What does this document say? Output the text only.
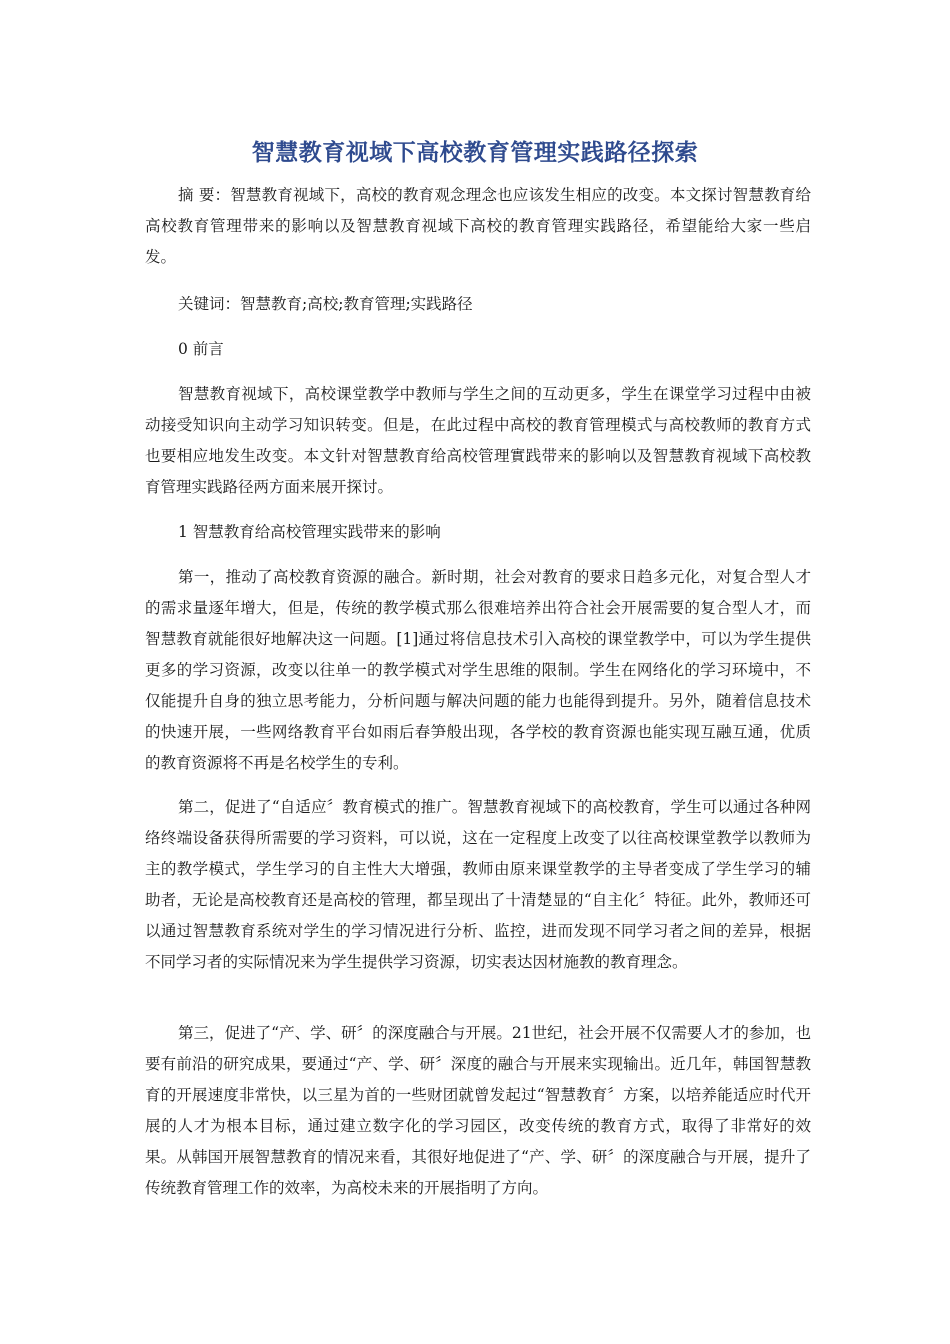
智慧教育视域下高校教育管理实践路径探索
摘 要：智慧教育视域下，高校的教育观念理念也应该发生相应的改变。本文探讨智慧教育给高校教育管理带来的影响以及智慧教育视域下高校的教育管理实践路径，希望能给大家一些启发。
关键词：智慧教育;高校;教育管理;实践路径
0 前言
智慧教育视域下，高校课堂教学中教师与学生之间的互动更多，学生在课堂学习过程中由被动接受知识向主动学习知识转变。但是，在此过程中高校的教育管理模式与高校教师的教育方式也要相应地发生改变。本文针对智慧教育给高校管理實践带来的影响以及智慧教育视域下高校教育管理实践路径两方面来展开探讨。
1 智慧教育给高校管理实践带来的影响
第一，推动了高校教育资源的融合。新时期，社会对教育的要求日趋多元化，对复合型人才的需求量逐年增大，但是，传统的教学模式那么很难培养出符合社会开展需要的复合型人才，而智慧教育就能很好地解决这一问题。[1]通过将信息技术引入高校的课堂教学中，可以为学生提供更多的学习资源，改变以往单一的教学模式对学生思维的限制。学生在网络化的学习环境中，不仅能提升自身的独立思考能力，分析问题与解决问题的能力也能得到提升。另外，随着信息技术的快速开展，一些网络教育平台如雨后春笋般出现，各学校的教育资源也能实现互融互通，优质的教育资源将不再是名校学生的专利。
第二，促进了“自适应〞教育模式的推广。智慧教育视域下的高校教育，学生可以通过各种网络终端设备获得所需要的学习资料，可以说，这在一定程度上改变了以往高校课堂教学以教师为主的教学模式，学生学习的自主性大大增强，教师由原来课堂教学的主导者变成了学生学习的辅助者，无论是高校教育还是高校的管理，都呈现出了十清楚显的“自主化〞特征。此外，教师还可以通过智慧教育系统对学生的学习情况进行分析、监控，进而发现不同学习者之间的差异，根据不同学习者的实际情况来为学生提供学习资源，切实表达因材施教的教育理念。
第三，促进了“产、学、研〞的深度融合与开展。21世纪，社会开展不仅需要人才的参加，也要有前沿的研究成果，要通过“产、学、研〞深度的融合与开展来实现输出。近几年，韩国智慧教育的开展速度非常快，以三星为首的一些财团就曾发起过“智慧教育〞方案，以培养能适应时代开展的人才为根本目标，通过建立数字化的学习园区，改变传统的教育方式，取得了非常好的效果。从韩国开展智慧教育的情况来看，其很好地促进了“产、学、研〞的深度融合与开展，提升了传统教育管理工作的效率，为高校未来的开展指明了方向。
